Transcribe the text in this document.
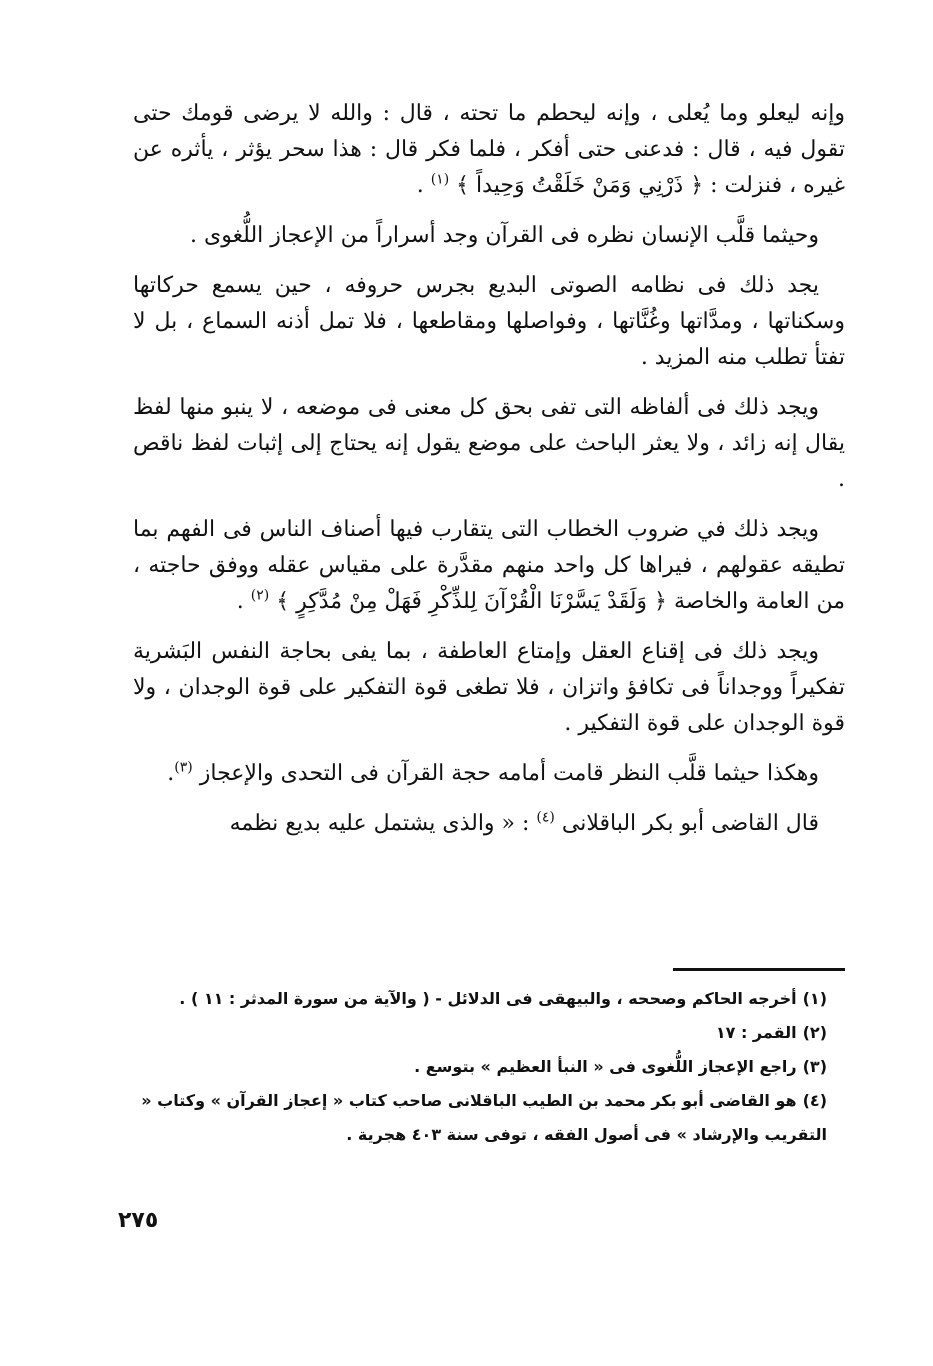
وإنه ليعلو وما يُعلى ، وإنه ليحطم ما تحته ، قال : والله لا يرضى قومك حتى تقول فيه ، قال : فدعنى حتى أفكر ، فلما فكر قال : هذا سحر يؤثر ، يأثره عن غيره ، فنزلت : ﴿ ذَرْنِي وَمَنْ خَلَقْتُ وَحِيداً ﴾ $^{(١)}$ .

وحيثما قلَّب الإنسان نظره فى القرآن وجد أسراراً من الإعجاز اللُّغوى .

يجد ذلك فى نظامه الصوتى البديع بجرس حروفه ، حين يسمع حركاتها وسكناتها ، ومدَّاتها وغُنَّاتها ، وفواصلها ومقاطعها ، فلا تمل أذنه السماع ، بل لا تفتأ تطلب منه المزيد .

ويجد ذلك فى ألفاظه التى تفى بحق كل معنى فى موضعه ، لا ينبو منها لفظ يقال إنه زائد ، ولا يعثر الباحث على موضع يقول إنه يحتاج إلى إثبات لفظ ناقص .

ويجد ذلك في ضروب الخطاب التى يتقارب فيها أصناف الناس فى الفهم بما تطيقه عقولهم ، فيراها كل واحد منهم مقدَّرة على مقياس عقله ووفق حاجته ، من العامة والخاصة ﴿ وَلَقَدْ يَسَّرْنَا الْقُرْآنَ لِلذِّكْرِ فَهَلْ مِنْ مُدَّكِرٍ ﴾ $^{(٢)}$ .

ويجد ذلك فى إقناع العقل وإمتاع العاطفة ، بما يفى بحاجة النفس البَشرية تفكيراً ووجداناً فى تكافؤ واتزان ، فلا تطغى قوة التفكير على قوة الوجدان ، ولا قوة الوجدان على قوة التفكير .

وهكذا حيثما قلَّب النظر قامت أمامه حجة القرآن فى التحدى والإعجاز $^{(٣)}$.

قال القاضى أبو بكر الباقلانى $^{(٤)}$ : « والذى يشتمل عليه بديع نظمه

(١)أخرجه الحاكم وصححه ، والبيهقى فى الدلائل - ( والآية من سورة المدثر : ١١ ) .

(٢)القمر : ١٧

(٣)راجع الإعجاز اللُّغوى فى « النبأ العظيم » بتوسع .

(٤)هو القاضى أبو بكر محمد بن الطيب الباقلانى صاحب كتاب « إعجاز القرآن » وكتاب « التقريب والإرشاد » فى أصول الفقه ، توفى سنة ٤٠٣ هجرية .

٢٧٥
